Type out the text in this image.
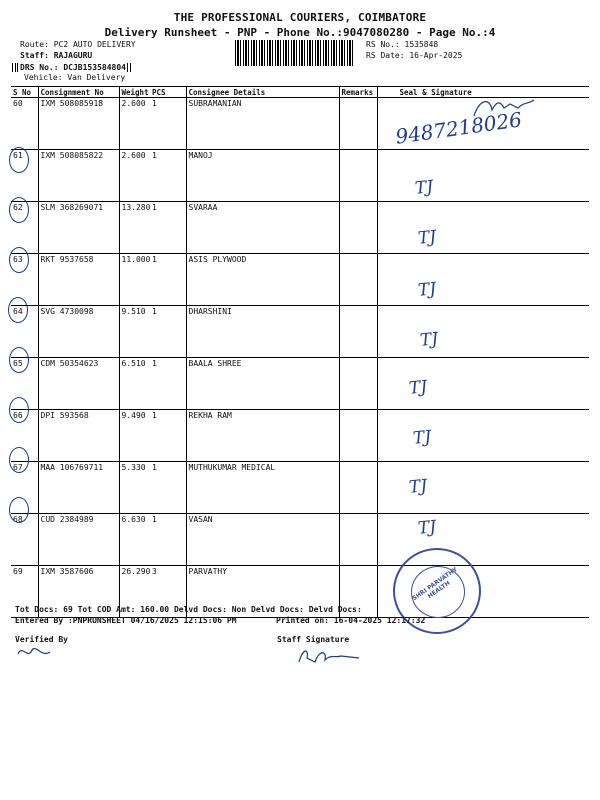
THE PROFESSIONAL COURIERS, COIMBATORE
Delivery Runsheet - PNP - Phone No.:9047080280 - Page No.:4
Route: PC2 AUTO DELIVERY
Staff: RAJAGURU
DRS No.: DCJB153584804
Vehicle: Van Delivery
RS No.: 1535848
RS Date: 16-Apr-2025
S No	Consignment No	Weight	PCS	Consignee Details	Remarks	Seal & Signature
60	IXM 508085918	2.600	1	SUBRAMANIAN		
61	IXM 508085822	2.600	1	MANOJ		
62	SLM 368269071	13.280	1	SVARAA		
63	RKT 9537658	11.000	1	ASIS PLYWOOD		
64	SVG 4730098	9.510	1	DHARSHINI		
65	CDM 50354623	6.510	1	BAALA SHREE		
66	DPI 593568	9.490	1	REKHA RAM		
67	MAA 106769711	5.330	1	MUTHUKUMAR MEDICAL		
68	CUD 2384989	6.630	1	VASAN		
69	IXM 3587606	26.290	3	PARVATHY		
9487218026
TJ
TJ
TJ
TJ
TJ
TJ
TJ
TJ
SHRI PARVATHY HEALTH
Tot Docs: 69 Tot COD Amt: 160.00 Delvd Docs: Non Delvd Docs: Delvd Docs:
Entered By :PNPRUNSHEET 04/16/2025 12:15:06 PM	Printed on: 16-04-2025 12:17:32
Verified By	Staff Signature
